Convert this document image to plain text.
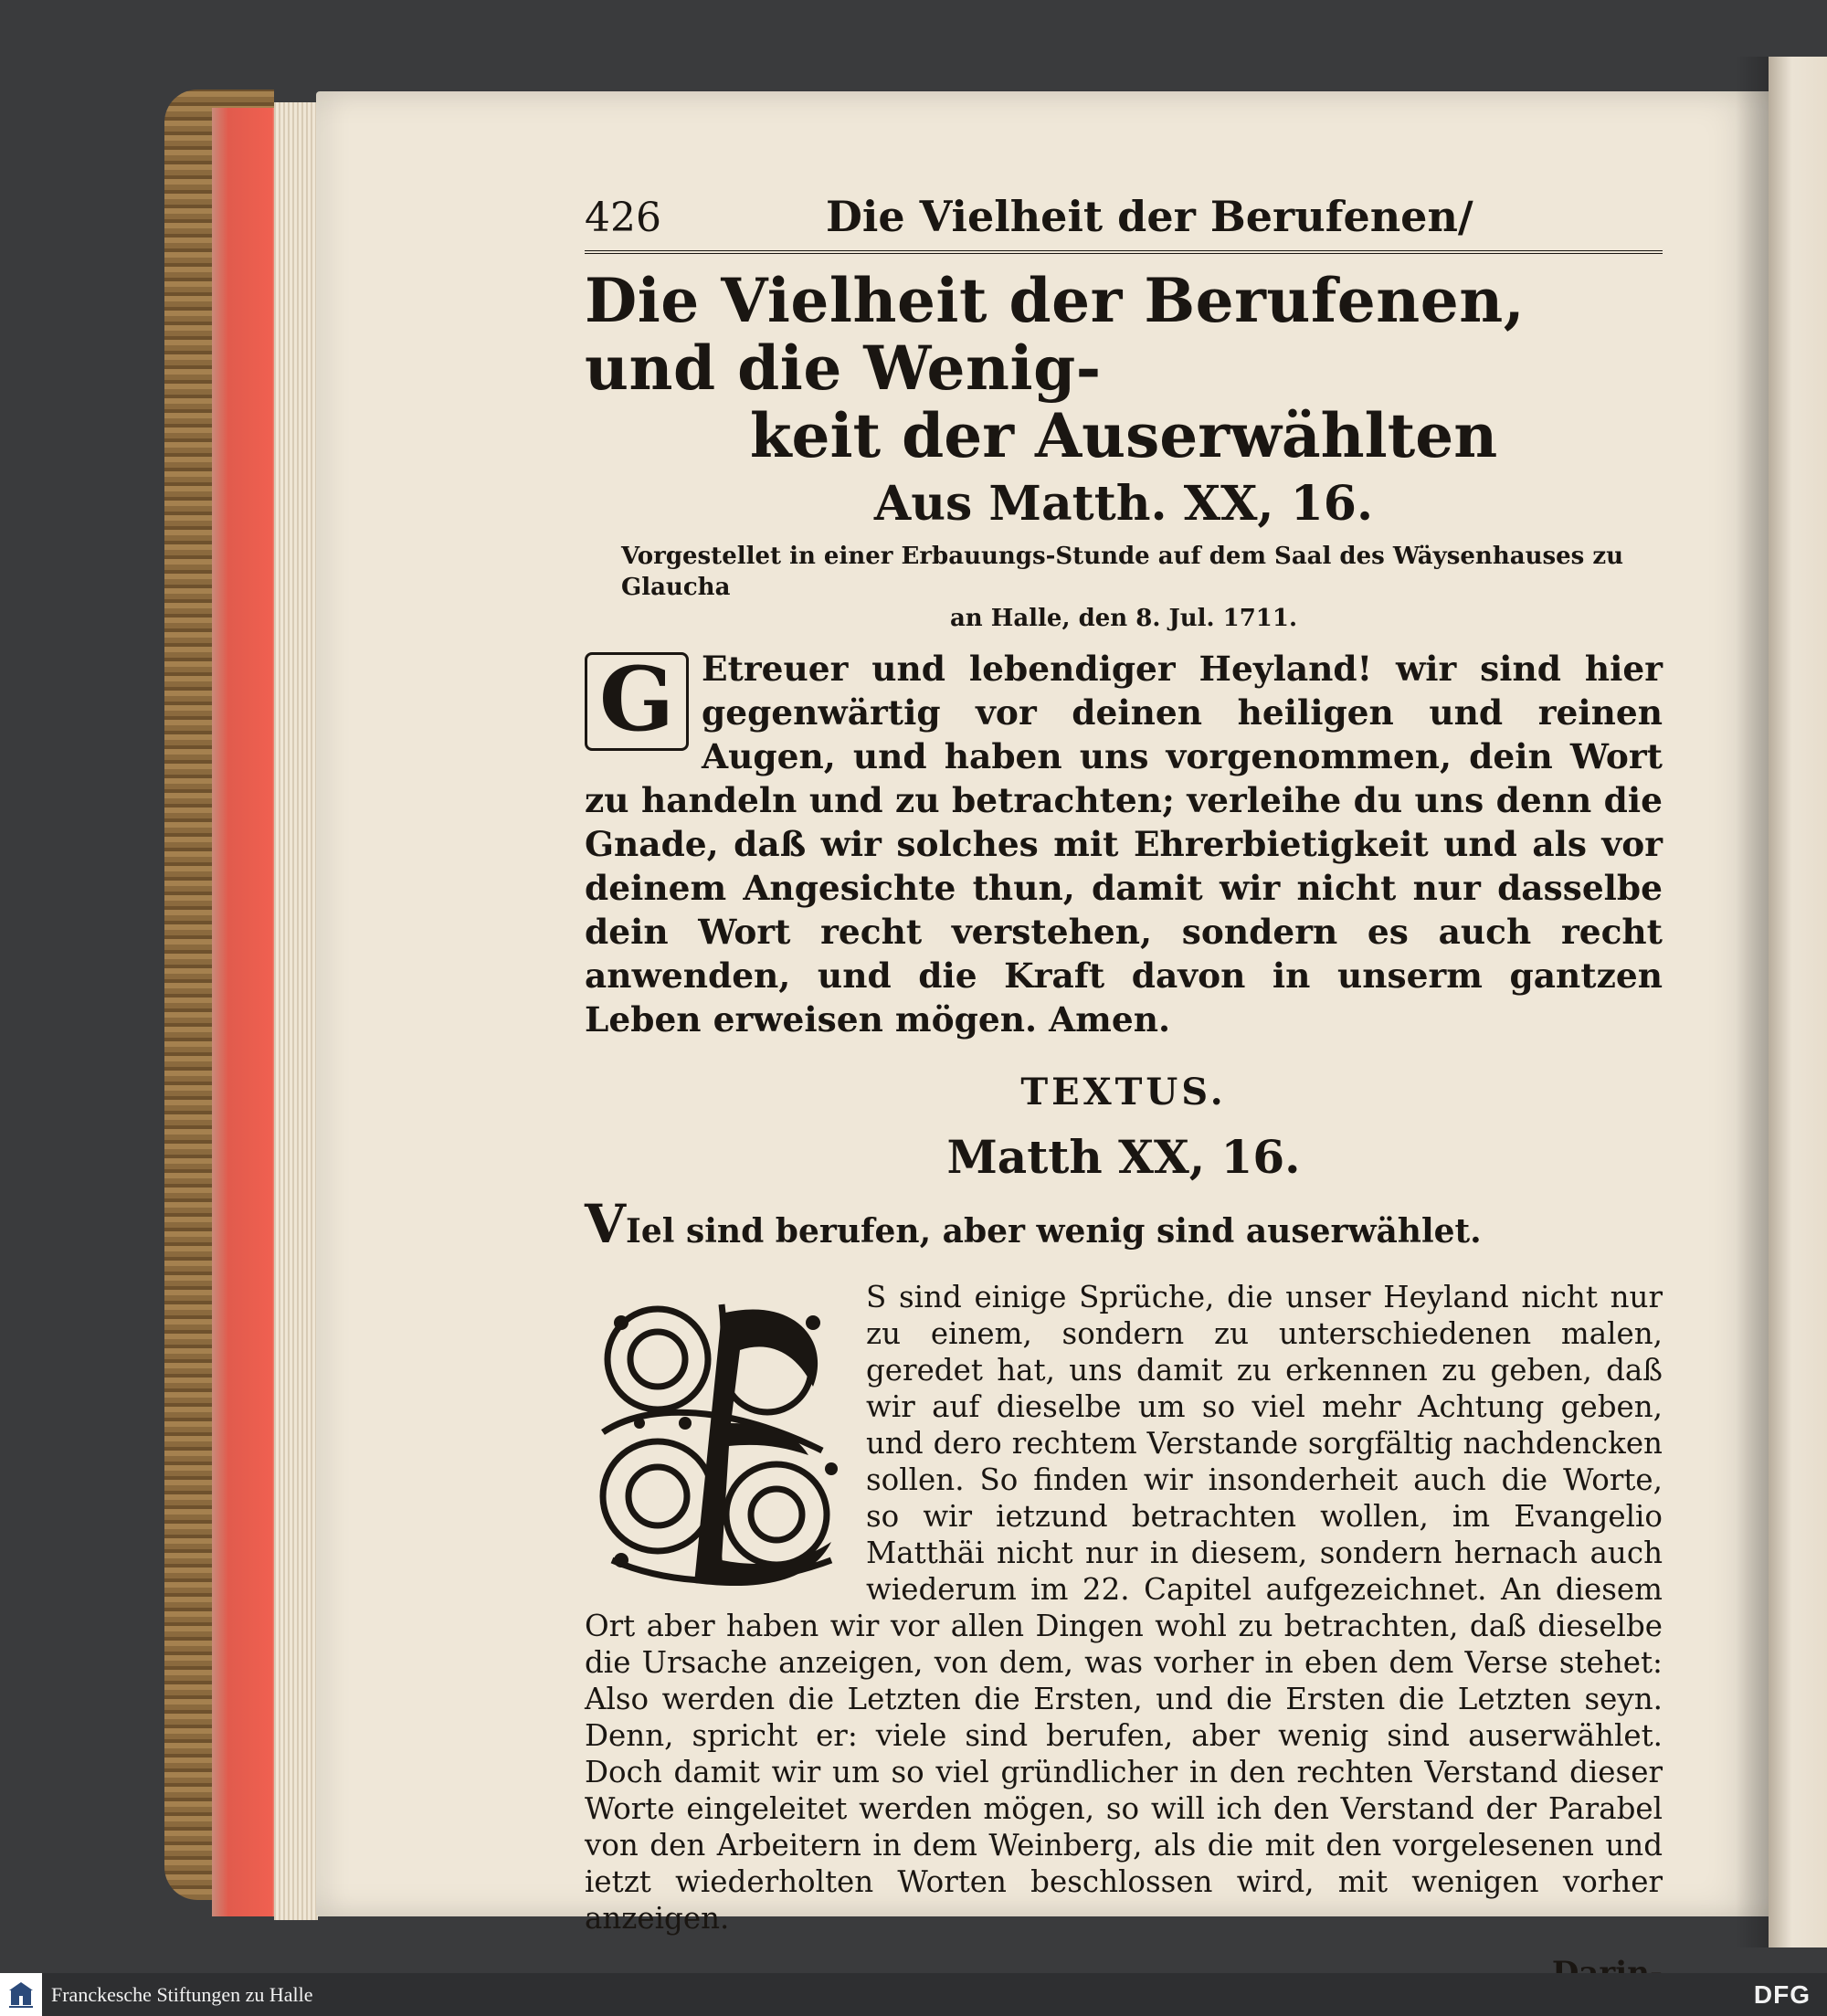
426	Die Vielheit der Berufenen/
Die Vielheit der Berufenen, und die Wenig-
keit der Auserwählten
Aus Matth. XX, 16.
Vorgestellet in einer Erbauungs-Stunde auf dem Saal des Wäysenhauses zu Glaucha
an Halle, den 8. Jul. 1711.
G Etreuer und lebendiger Heyland! wir sind hier gegenwärtig vor deinen heiligen und reinen Augen, und haben uns vorgenommen, dein Wort zu handeln und zu betrachten; verleihe du uns denn die Gnade, daß wir solches mit Ehrerbietigkeit und als vor deinem Angesichte thun, damit wir nicht nur dasselbe dein Wort recht verstehen, sondern es auch recht anwenden, und die Kraft davon in unserm gantzen Leben erweisen mögen. Amen.
TEXTUS.
Matth XX, 16.
VIel sind berufen, aber wenig sind auserwählet.
S sind einige Sprüche, die unser Heyland nicht nur zu einem, sondern zu unterschiedenen malen, geredet hat, uns damit zu erkennen zu geben, daß wir auf dieselbe um so viel mehr Achtung geben, und dero rechtem Verstande sorgfältig nachdencken sollen. So finden wir insonderheit auch die Worte, so wir ietzund betrachten wollen, im Evangelio Matthäi nicht nur in diesem, sondern hernach auch wiederum im 22. Capitel aufgezeichnet. An diesem Ort aber haben wir vor allen Dingen wohl zu betrachten, daß dieselbe die Ursache anzeigen, von dem, was vorher in eben dem Verse stehet: Also werden die Letzten die Ersten, und die Ersten die Letzten seyn. Denn, spricht er: viele sind berufen, aber wenig sind auserwählet. Doch damit wir um so viel gründlicher in den rechten Verstand dieser Worte eingeleitet werden mögen, so will ich den Verstand der Parabel von den Arbeitern in dem Weinberg, als die mit den vorgelesenen und ietzt wiederholten Worten beschlossen wird, mit wenigen vorher anzeigen.
Franckesche Stiftungen zu Halle	DFG
